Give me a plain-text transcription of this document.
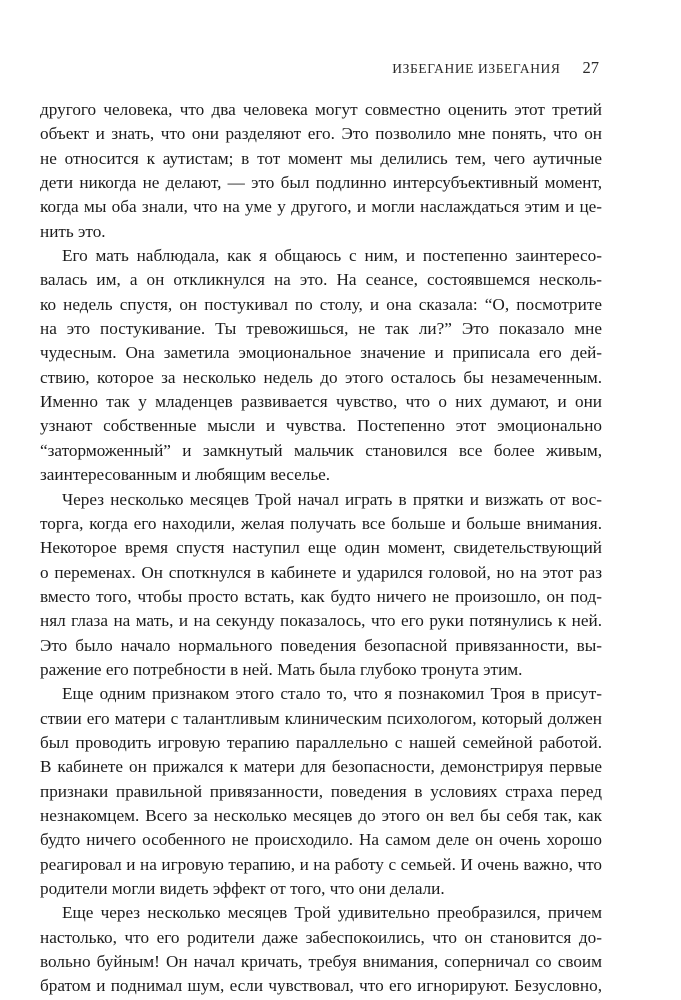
ИЗБЕГАНИЕ ИЗБЕГАНИЯ 27
другого человека, что два человека могут совместно оценить этот третий
объект и знать, что они разделяют его. Это позволило мне понять, что он
не относится к аутистам; в тот момент мы делились тем, чего аутичные
дети никогда не делают, — это был подлинно интерсубъективный момент,
когда мы оба знали, что на уме у другого, и могли наслаждаться этим и це-
нить это.
Его мать наблюдала, как я общаюсь с ним, и постепенно заинтересо-
валась им, а он откликнулся на это. На сеансе, состоявшемся несколь-
ко недель спустя, он постукивал по столу, и она сказала: “О, посмотрите
на это постукивание. Ты тревожишься, не так ли?” Это показало мне
чудесным. Она заметила эмоциональное значение и приписала его дей-
ствию, которое за несколько недель до этого осталось бы незамеченным.
Именно так у младенцев развивается чувство, что о них думают, и они
узнают собственные мысли и чувства. Постепенно этот эмоционально
“заторможенный” и замкнутый мальчик становился все более живым,
заинтересованным и любящим веселье.
Через несколько месяцев Трой начал играть в прятки и визжать от вос-
торга, когда его находили, желая получать все больше и больше внимания.
Некоторое время спустя наступил еще один момент, свидетельствующий
о переменах. Он споткнулся в кабинете и ударился головой, но на этот раз
вместо того, чтобы просто встать, как будто ничего не произошло, он под-
нял глаза на мать, и на секунду показалось, что его руки потянулись к ней.
Это было начало нормального поведения безопасной привязанности, вы-
ражение его потребности в ней. Мать была глубоко тронута этим.
Еще одним признаком этого стало то, что я познакомил Троя в присут-
ствии его матери с талантливым клиническим психологом, который должен
был проводить игровую терапию параллельно с нашей семейной работой.
В кабинете он прижался к матери для безопасности, демонстрируя первые
признаки правильной привязанности, поведения в условиях страха перед
незнакомцем. Всего за несколько месяцев до этого он вел бы себя так, как
будто ничего особенного не происходило. На самом деле он очень хорошо
реагировал и на игровую терапию, и на работу с семьей. И очень важно, что
родители могли видеть эффект от того, что они делали.
Еще через несколько месяцев Трой удивительно преобразился, причем
настолько, что его родители даже забеспокоились, что он становится до-
вольно буйным! Он начал кричать, требуя внимания, соперничал со своим
братом и поднимал шум, если чувствовал, что его игнорируют. Безусловно,
